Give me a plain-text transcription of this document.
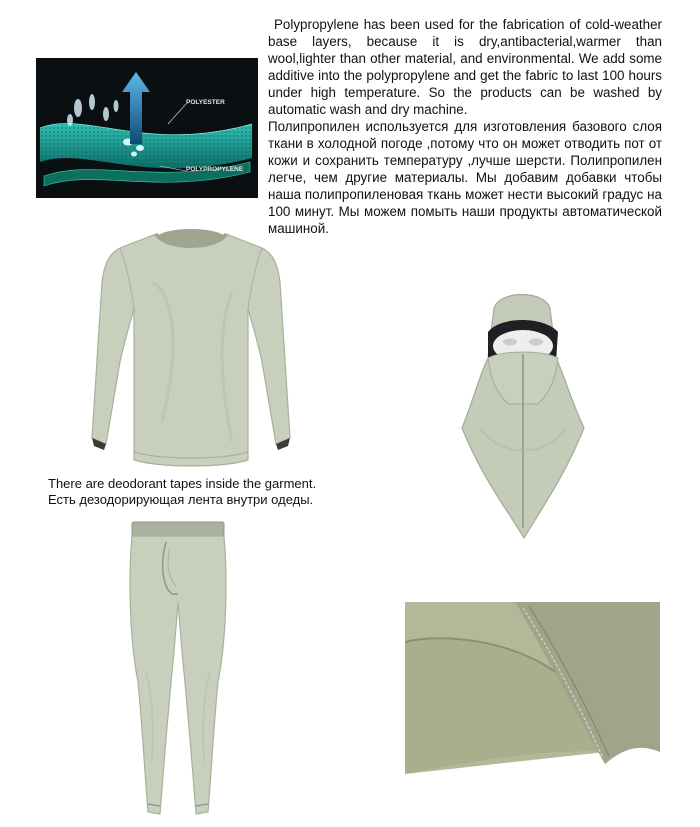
POLYESTER
POLYPROPYLENE

Polypropylene has been used for the fabrication of cold-weather base layers, because it is dry,antibacterial,warmer than wool,lighter than other material, and environmental. We add some additive into the polypropylene and get the fabric to last 100 hours under high temperature. So the products can be washed by automatic wash and dry machine.

Полипропилен используется для изготовления базового слоя ткани в холодной погоде ,потому что он может отводить пот от кожи и сохранить температуру ,лучше шерсти. Полипропилен легче, чем другие материалы. Мы добавим добавки чтобы наша полипропиленовая ткань может нести высокий градус на 100 минут. Мы можем помыть наши продукты автоматической машиной.

There are deodorant tapes inside the garment.
Есть дезодорирующая лента внутри одеды.
